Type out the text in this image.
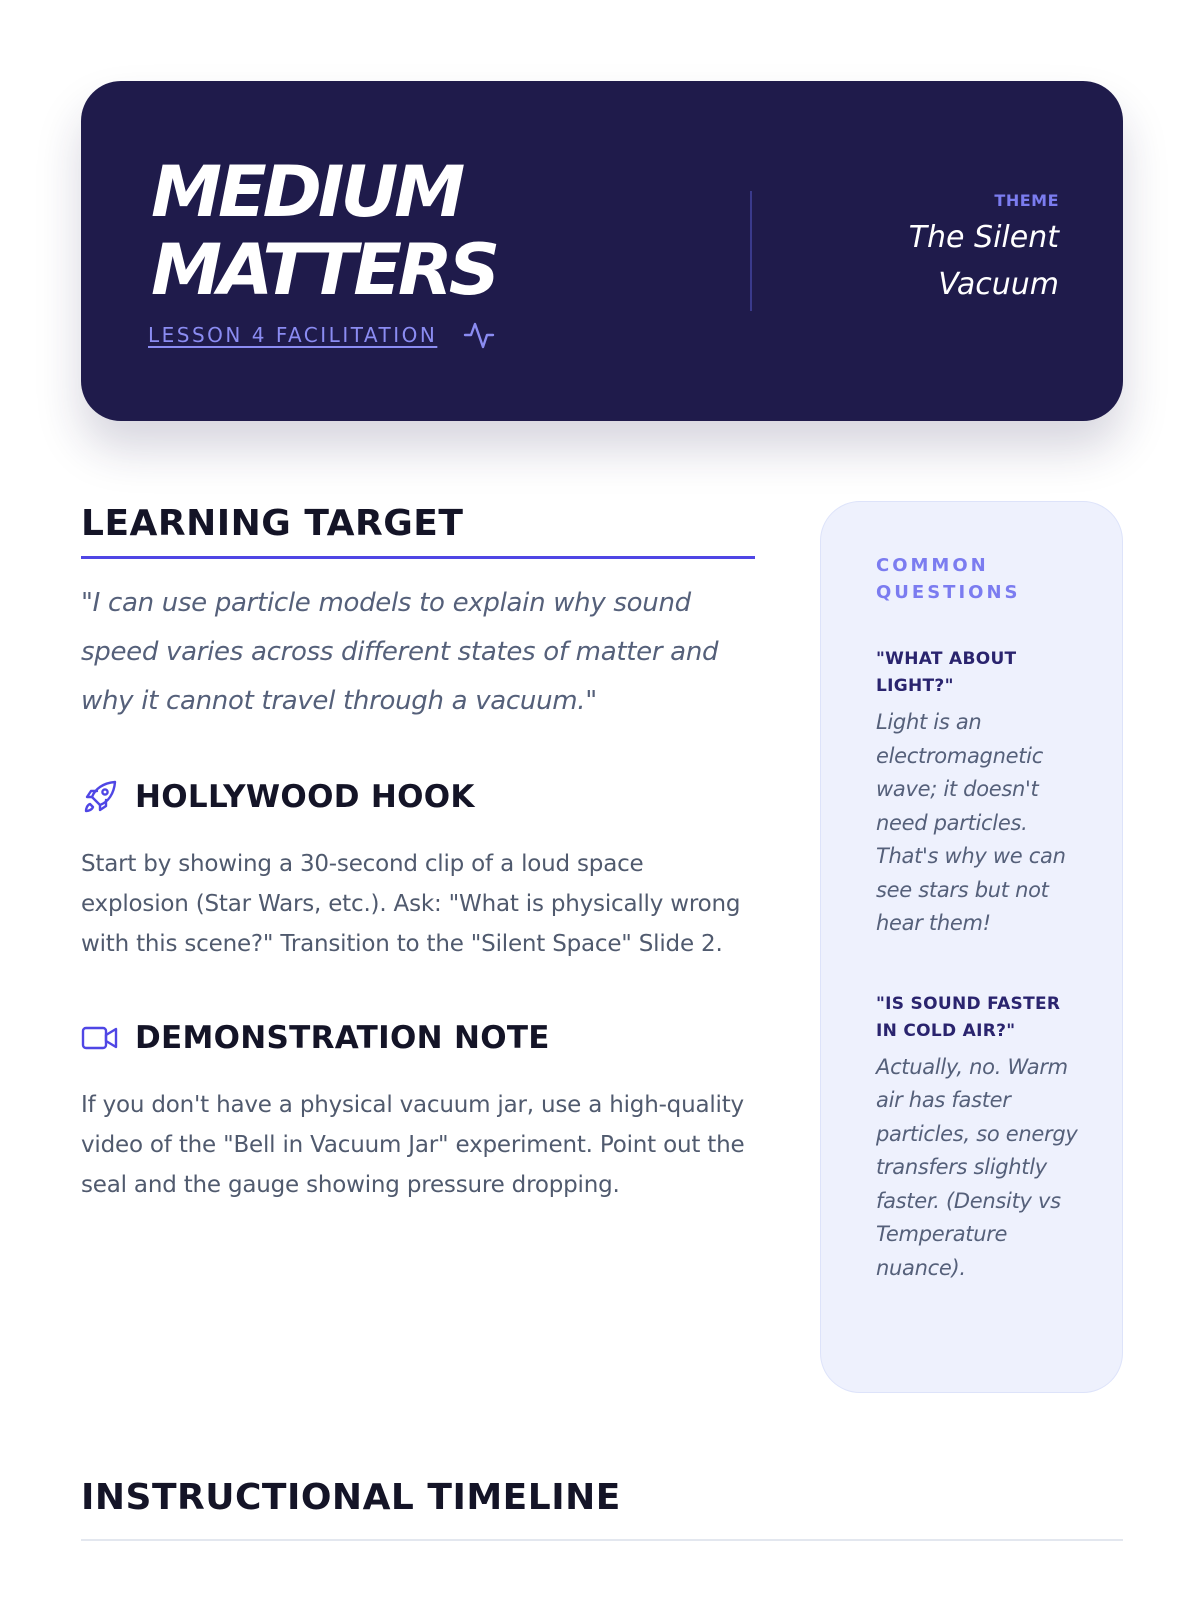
MEDIUM
MATTERS
LESSON 4 FACILITATION
THEME
The Silent Vacuum
LEARNING TARGET

"I can use particle models to explain why sound speed varies across different states of matter and why it cannot travel through a vacuum."

HOLLYWOOD HOOK

Start by showing a 30-second clip of a loud space explosion (Star Wars, etc.). Ask: "What is physically wrong with this scene?" Transition to the "Silent Space" Slide 2.

DEMONSTRATION NOTE

If you don't have a physical vacuum jar, use a high-quality video of the "Bell in Vacuum Jar" experiment. Point out the seal and the gauge showing pressure dropping.

COMMON QUESTIONS
"WHAT ABOUT LIGHT?"
Light is an electromagnetic wave; it doesn't need particles. That's why we can see stars but not hear them!
"IS SOUND FASTER IN COLD AIR?"
Actually, no. Warm air has faster particles, so energy transfers slightly faster. (Density vs Temperature nuance).
INSTRUCTIONAL TIMELINE
